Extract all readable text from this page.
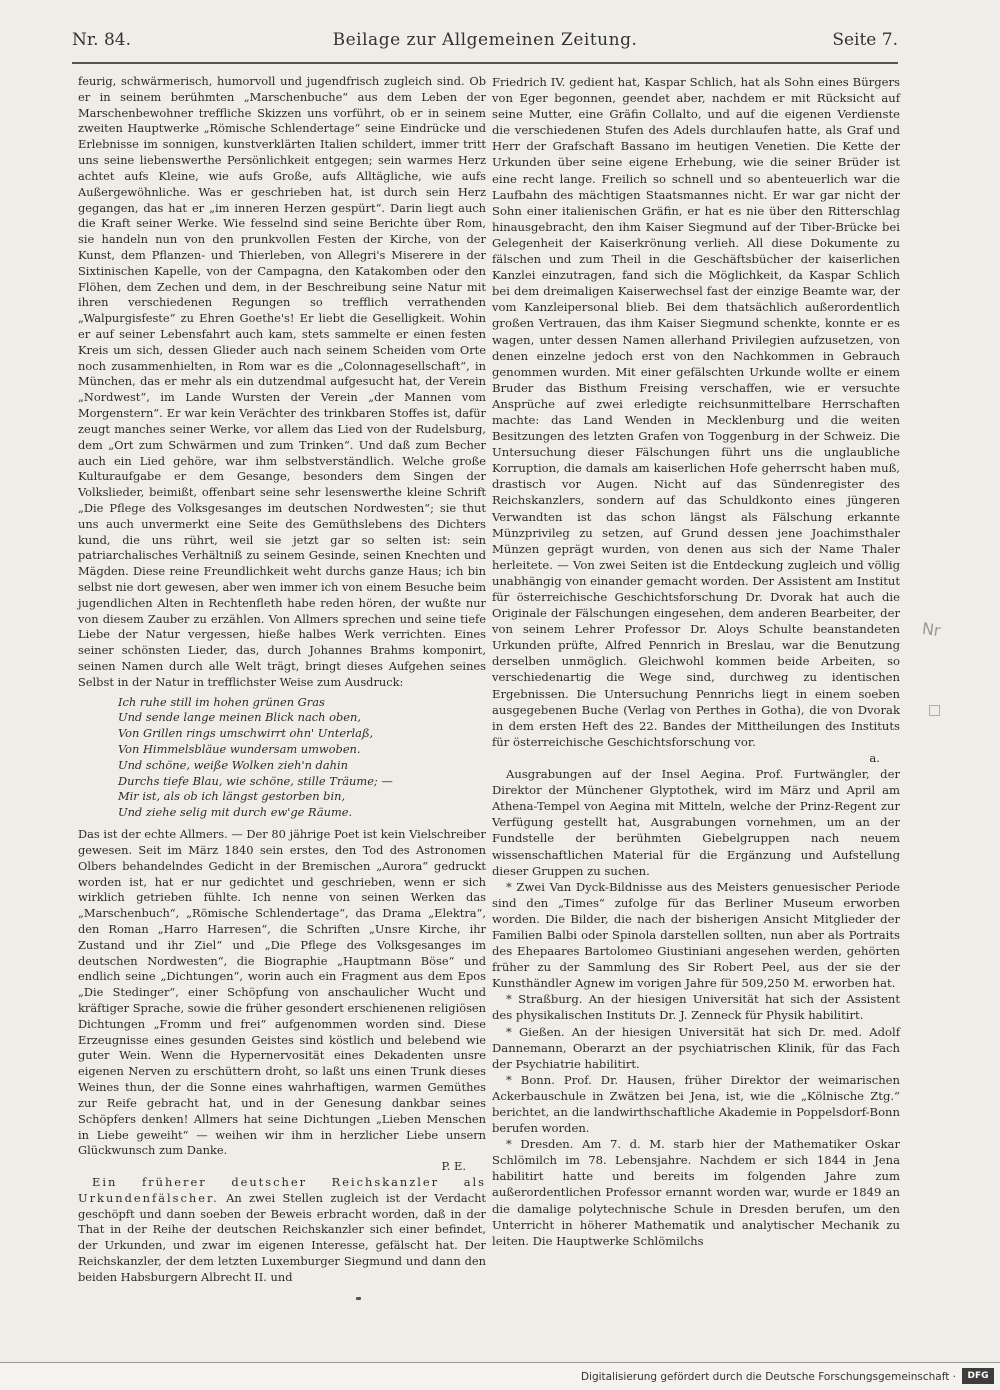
Nr. 84.	Beilage zur Allgemeinen Zeitung.	Seite 7.

feurig, schwärmerisch, humorvoll und jugendfrisch zugleich sind. Ob er in seinem berühmten „Marschenbuche“ aus dem Leben der Marschenbewohner treffliche Skizzen uns vorführt, ob er in seinem zweiten Hauptwerke „Römische Schlendertage“ seine Eindrücke und Erlebnisse im sonnigen, kunstverklärten Italien schildert, immer tritt uns seine liebenswerthe Persönlichkeit entgegen; sein warmes Herz achtet aufs Kleine, wie aufs Große, aufs Alltägliche, wie aufs Außergewöhnliche. Was er geschrieben hat, ist durch sein Herz gegangen, das hat er „im inneren Herzen gespürt“. Darin liegt auch die Kraft seiner Werke. Wie fesselnd sind seine Berichte über Rom, sie handeln nun von den prunkvollen Festen der Kirche, von der Kunst, dem Pflanzen- und Thierleben, von Allegri's Miserere in der Sixtinischen Kapelle, von der Campagna, den Katakomben oder den Flöhen, dem Zechen und dem, in der Beschreibung seine Natur mit ihren verschiedenen Regungen so trefflich verrathenden „Walpurgisfeste“ zu Ehren Goethe's! Er liebt die Geselligkeit. Wohin er auf seiner Lebensfahrt auch kam, stets sammelte er einen festen Kreis um sich, dessen Glieder auch nach seinem Scheiden vom Orte noch zusammenhielten, in Rom war es die „Colonnagesellschaft“, in München, das er mehr als ein dutzendmal aufgesucht hat, der Verein „Nordwest“, im Lande Wursten der Verein „der Mannen vom Morgenstern“. Er war kein Verächter des trinkbaren Stoffes ist, dafür zeugt manches seiner Werke, vor allem das Lied von der Rudelsburg, dem „Ort zum Schwärmen und zum Trinken“. Und daß zum Becher auch ein Lied gehöre, war ihm selbstverständlich. Welche große Kulturaufgabe er dem Gesange, besonders dem Singen der Volkslieder, beimißt, offenbart seine sehr lesenswerthe kleine Schrift „Die Pflege des Volksgesanges im deutschen Nordwesten“; sie thut uns auch unvermerkt eine Seite des Gemüthslebens des Dichters kund, die uns rührt, weil sie jetzt gar so selten ist: sein patriarchalisches Verhältniß zu seinem Gesinde, seinen Knechten und Mägden. Diese reine Freundlichkeit weht durchs ganze Haus; ich bin selbst nie dort gewesen, aber wen immer ich von einem Besuche beim jugendlichen Alten in Rechtenfleth habe reden hören, der wußte nur von diesem Zauber zu erzählen. Von Allmers sprechen und seine tiefe Liebe der Natur vergessen, hieße halbes Werk verrichten. Eines seiner schönsten Lieder, das, durch Johannes Brahms komponirt, seinen Namen durch alle Welt trägt, bringt dieses Aufgehen seines Selbst in der Natur in trefflichster Weise zum Ausdruck:

Ich ruhe still im hohen grünen Gras
Und sende lange meinen Blick nach oben,
Von Grillen rings umschwirrt ohn' Unterlaß,
Von Himmelsbläue wundersam umwoben.
Und schöne, weiße Wolken zieh'n dahin
Durchs tiefe Blau, wie schöne, stille Träume; —
Mir ist, als ob ich längst gestorben bin,
Und ziehe selig mit durch ew'ge Räume.

Das ist der echte Allmers. — Der 80 jährige Poet ist kein Vielschreiber gewesen. Seit im März 1840 sein erstes, den Tod des Astronomen Olbers behandelndes Gedicht in der Bremischen „Aurora“ gedruckt worden ist, hat er nur gedichtet und geschrieben, wenn er sich wirklich getrieben fühlte. Ich nenne von seinen Werken das „Marschenbuch“, „Römische Schlendertage“, das Drama „Elektra“, den Roman „Harro Harresen“, die Schriften „Unsre Kirche, ihr Zustand und ihr Ziel“ und „Die Pflege des Volksgesanges im deutschen Nordwesten“, die Biographie „Hauptmann Böse“ und endlich seine „Dichtungen“, worin auch ein Fragment aus dem Epos „Die Stedinger“, einer Schöpfung von anschaulicher Wucht und kräftiger Sprache, sowie die früher gesondert erschienenen religiösen Dichtungen „Fromm und frei“ aufgenommen worden sind. Diese Erzeugnisse eines gesunden Geistes sind köstlich und belebend wie guter Wein. Wenn die Hypernervosität eines Dekadenten unsre eigenen Nerven zu erschüttern droht, so laßt uns einen Trunk dieses Weines thun, der die Sonne eines wahrhaftigen, warmen Gemüthes zur Reife gebracht hat, und in der Genesung dankbar seines Schöpfers denken! Allmers hat seine Dichtungen „Lieben Menschen in Liebe geweiht“ — weihen wir ihm in herzlicher Liebe unsern Glückwunsch zum Danke.

P. E.

Ein früherer deutscher Reichskanzler als Urkundenfälscher. An zwei Stellen zugleich ist der Verdacht geschöpft und dann soeben der Beweis erbracht worden, daß in der That in der Reihe der deutschen Reichskanzler sich einer befindet, der Urkunden, und zwar im eigenen Interesse, gefälscht hat. Der Reichskanzler, der dem letzten Luxemburger Siegmund und dann den beiden Habsburgern Albrecht II. und

Friedrich IV. gedient hat, Kaspar Schlich, hat als Sohn eines Bürgers von Eger begonnen, geendet aber, nachdem er mit Rücksicht auf seine Mutter, eine Gräfin Collalto, und auf die eigenen Verdienste die verschiedenen Stufen des Adels durchlaufen hatte, als Graf und Herr der Grafschaft Bassano im heutigen Venetien. Die Kette der Urkunden über seine eigene Erhebung, wie die seiner Brüder ist eine recht lange. Freilich so schnell und so abenteuerlich war die Laufbahn des mächtigen Staatsmannes nicht. Er war gar nicht der Sohn einer italienischen Gräfin, er hat es nie über den Ritterschlag hinausgebracht, den ihm Kaiser Siegmund auf der Tiber-Brücke bei Gelegenheit der Kaiserkrönung verlieh. All diese Dokumente zu fälschen und zum Theil in die Geschäftsbücher der kaiserlichen Kanzlei einzutragen, fand sich die Möglichkeit, da Kaspar Schlich bei dem dreimaligen Kaiserwechsel fast der einzige Beamte war, der vom Kanzleipersonal blieb. Bei dem thatsächlich außerordentlich großen Vertrauen, das ihm Kaiser Siegmund schenkte, konnte er es wagen, unter dessen Namen allerhand Privilegien aufzusetzen, von denen einzelne jedoch erst von den Nachkommen in Gebrauch genommen wurden. Mit einer gefälschten Urkunde wollte er einem Bruder das Bisthum Freising verschaffen, wie er versuchte Ansprüche auf zwei erledigte reichsunmittelbare Herrschaften machte: das Land Wenden in Mecklenburg und die weiten Besitzungen des letzten Grafen von Toggenburg in der Schweiz. Die Untersuchung dieser Fälschungen führt uns die unglaubliche Korruption, die damals am kaiserlichen Hofe geherrscht haben muß, drastisch vor Augen. Nicht auf das Sündenregister des Reichskanzlers, sondern auf das Schuldkonto eines jüngeren Verwandten ist das schon längst als Fälschung erkannte Münzprivileg zu setzen, auf Grund dessen jene Joachimsthaler Münzen geprägt wurden, von denen aus sich der Name Thaler herleitete. — Von zwei Seiten ist die Entdeckung zugleich und völlig unabhängig von einander gemacht worden. Der Assistent am Institut für österreichische Geschichtsforschung Dr. Dvorak hat auch die Originale der Fälschungen eingesehen, dem anderen Bearbeiter, der von seinem Lehrer Professor Dr. Aloys Schulte beanstandeten Urkunden prüfte, Alfred Pennrich in Breslau, war die Benutzung derselben unmöglich. Gleichwohl kommen beide Arbeiten, so verschiedenartig die Wege sind, durchweg zu identischen Ergebnissen. Die Untersuchung Pennrichs liegt in einem soeben ausgegebenen Buche (Verlag von Perthes in Gotha), die von Dvorak in dem ersten Heft des 22. Bandes der Mittheilungen des Instituts für österreichische Geschichtsforschung vor.

a.

Ausgrabungen auf der Insel Aegina. Prof. Furtwängler, der Direktor der Münchener Glyptothek, wird im März und April am Athena-Tempel von Aegina mit Mitteln, welche der Prinz-Regent zur Verfügung gestellt hat, Ausgrabungen vornehmen, um an der Fundstelle der berühmten Giebelgruppen nach neuem wissenschaftlichen Material für die Ergänzung und Aufstellung dieser Gruppen zu suchen.

* Zwei Van Dyck-Bildnisse aus des Meisters genuesischer Periode sind den „Times“ zufolge für das Berliner Museum erworben worden. Die Bilder, die nach der bisherigen Ansicht Mitglieder der Familien Balbi oder Spinola darstellen sollten, nun aber als Portraits des Ehepaares Bartolomeo Giustiniani angesehen werden, gehörten früher zu der Sammlung des Sir Robert Peel, aus der sie der Kunsthändler Agnew im vorigen Jahre für 509,250 M. erworben hat.

* Straßburg. An der hiesigen Universität hat sich der Assistent des physikalischen Instituts Dr. J. Zenneck für Physik habilitirt.

* Gießen. An der hiesigen Universität hat sich Dr. med. Adolf Dannemann, Oberarzt an der psychiatrischen Klinik, für das Fach der Psychiatrie habilitirt.

* Bonn. Prof. Dr. Hausen, früher Direktor der weimarischen Ackerbauschule in Zwätzen bei Jena, ist, wie die „Kölnische Ztg.“ berichtet, an die landwirthschaftliche Akademie in Poppelsdorf-Bonn berufen worden.

* Dresden. Am 7. d. M. starb hier der Mathematiker Oskar Schlömilch im 78. Lebensjahre. Nachdem er sich 1844 in Jena habilitirt hatte und bereits im folgenden Jahre zum außerordentlichen Professor ernannt worden war, wurde er 1849 an die damalige polytechnische Schule in Dresden berufen, um den Unterricht in höherer Mathematik und analytischer Mechanik zu leiten. Die Hauptwerke Schlömilchs

Nr
□
Digitalisierung gefördert durch die Deutsche Forschungsgemeinschaft ·	DFG
